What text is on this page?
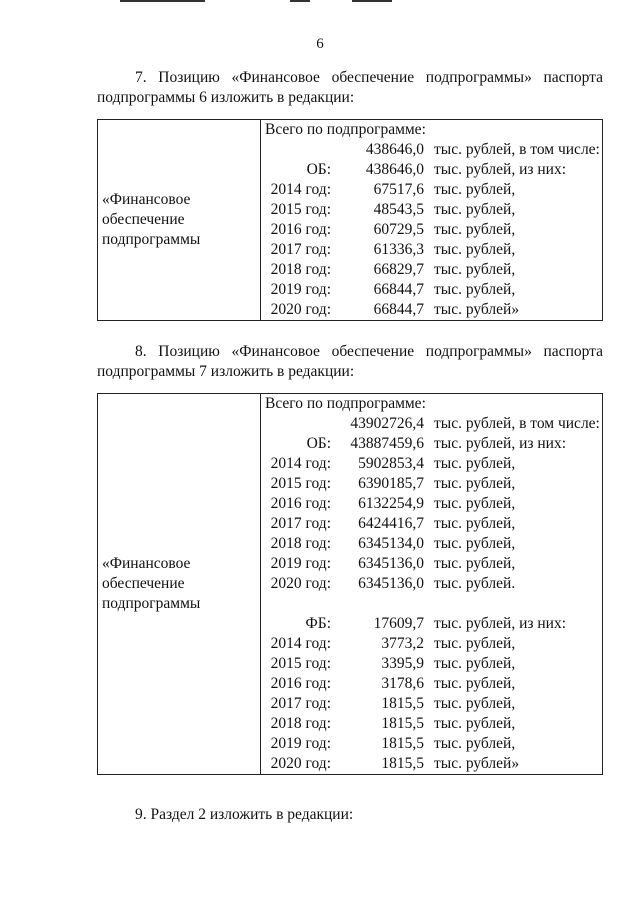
6
7. Позицию «Финансовое обеспечение подпрограммы» паспорта
подпрограммы 6 изложить в редакции:
«Финансовое
обеспечение
подпрограммы

Всего по подпрограмме:
438646,0 тыс. рублей, в том числе:
ОБ:	438646,0 тыс. рублей, из них:
2014 год:	67517,6 тыс. рублей,
2015 год:	48543,5 тыс. рублей,
2016 год:	60729,5 тыс. рублей,
2017 год:	61336,3 тыс. рублей,
2018 год:	66829,7 тыс. рублей,
2019 год:	66844,7 тыс. рублей,
2020 год:	66844,7 тыс. рублей»
8. Позицию «Финансовое обеспечение подпрограммы» паспорта
подпрограммы 7 изложить в редакции:
«Финансовое
обеспечение
подпрограммы

Всего по подпрограмме:
43902726,4 тыс. рублей, в том числе:
ОБ:	43887459,6 тыс. рублей, из них:
2014 год:	5902853,4 тыс. рублей,
2015 год:	6390185,7 тыс. рублей,
2016 год:	6132254,9 тыс. рублей,
2017 год:	6424416,7 тыс. рублей,
2018 год:	6345134,0 тыс. рублей,
2019 год:	6345136,0 тыс. рублей,
2020 год:	6345136,0 тыс. рублей.
ФБ:	17609,7 тыс. рублей, из них:
2014 год:	3773,2 тыс. рублей,
2015 год:	3395,9 тыс. рублей,
2016 год:	3178,6 тыс. рублей,
2017 год:	1815,5 тыс. рублей,
2018 год:	1815,5 тыс. рублей,
2019 год:	1815,5 тыс. рублей,
2020 год:	1815,5 тыс. рублей»
9. Раздел 2 изложить в редакции:
